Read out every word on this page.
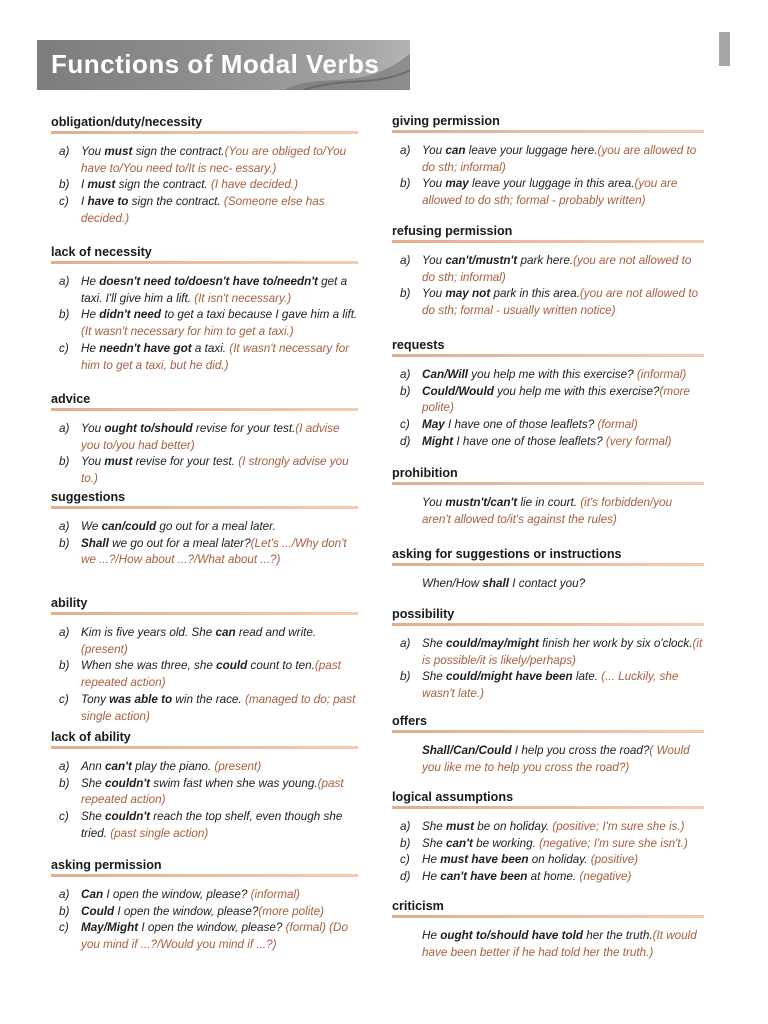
Functions of Modal Verbs
obligation/duty/necessity
a) You must sign the contract.(You are obliged to/You have to/You need to/It is nec- essary.)
b) I must sign the contract. (I have decided.)
c)	I have to sign the contract. (Someone else has decided.)
lack of necessity
a) He doesn't need to/doesn't have to/needn't get a taxi. I'll give him a lift. (It isn't necessary.)
b) He didn't need to get a taxi because I gave him a lift.(It wasn't necessary for him to get a taxi.)
c)	He needn't have got a taxi. (It wasn't necessary for him to get a taxi, but he did.)
advice
a) You ought to/should revise for your test.(I advise you to/you had better)
b) You must revise for your test. (I strongly advise you to.)
suggestions
a) We can/could go out for a meal later.
b) Shall we go out for a meal later?(Let's .../Why don't we ...?/How about ...?/What about ...?)
ability
a) Kim is five years old. She can read and write. (present)
b) When she was three, she could count to ten.(past repeated action)
c)	Tony was able to win the race. (managed to do; past single action)
lack of ability
a) Ann can't play the piano. (present)
b) She couldn't swim fast when she was young.(past repeated action)
c)	She couldn't reach the top shelf, even though she tried. (past single action)
asking permission
a) Can I open the window, please? (informal)
b) Could I open the window, please?(more polite)
c)	May/Might I open the window, please? (formal) (Do you mind if ...?/Would you mind if ...?)
giving permission
a) You can leave your luggage here.(you are allowed to do sth; informal)
b) You may leave your luggage in this area.(you are allowed to do sth; formal - probably written)
refusing permission
a) You can't/mustn't park here.(you are not allowed to do sth; informal)
b) You may not park in this area.(you are not allowed to do sth; formal - usually written notice)
requests
a) Can/Will you help me with this exercise? (informal)
b) Could/Would you help me with this exercise?(more polite)
c)	May I have one of those leaflets? (formal)
d) Might I have one of those leaflets? (very formal)
prohibition
You mustn't/can't lie in court. (it's forbidden/you aren't allowed to/it's against the rules)
asking for suggestions or instructions
When/How shall I contact you?
possibility
a) She could/may/might finish her work by six o'clock.(it is possible/it is likely/perhaps)
b) She could/might have been late. (... Luckily, she wasn't late.)
offers
Shall/Can/Could I help you cross the road?( Would you like me to help you cross the road?)
logical assumptions
a) She must be on holiday. (positive; I'm sure she is.)
b) She can't be working. (negative; I'm sure she isn't.)
c)	He must have been on holiday. (positive)
d) He can't have been at home. (negative)
criticism
He ought to/should have told her the truth.(It would have been better if he had told her the truth.)
